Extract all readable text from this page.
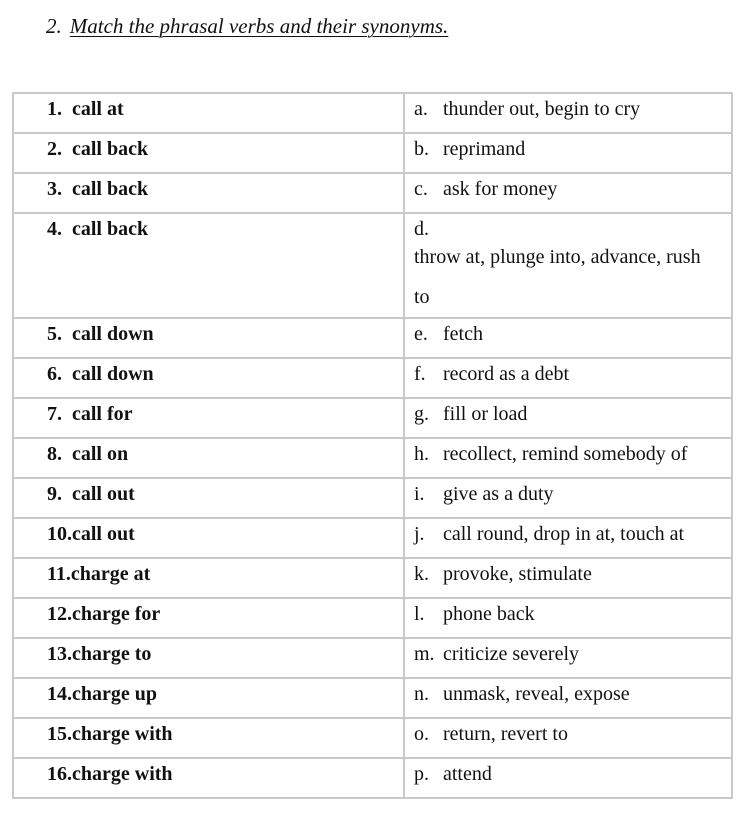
2. Match the phrasal verbs and their synonyms.
1.  call at	a. thunder out, begin to cry
2.  call back	b. reprimand
3.  call back	c. ask for money
4.  call back	d.throw at, plunge into, advance, rush to
5.  call down	e. fetch
6.  call down	f. record as a debt
7.  call for	g. fill or load
8.  call on	h. recollect, remind somebody of
9.  call out	i. give as a duty
10.call out	j. call round, drop in at, touch at
11.charge at	k. provoke, stimulate
12.charge for	l. phone back
13.charge to	m. criticize severely
14.charge up	n. unmask, reveal, expose
15.charge with	o. return, revert to
16.charge with	p. attend
